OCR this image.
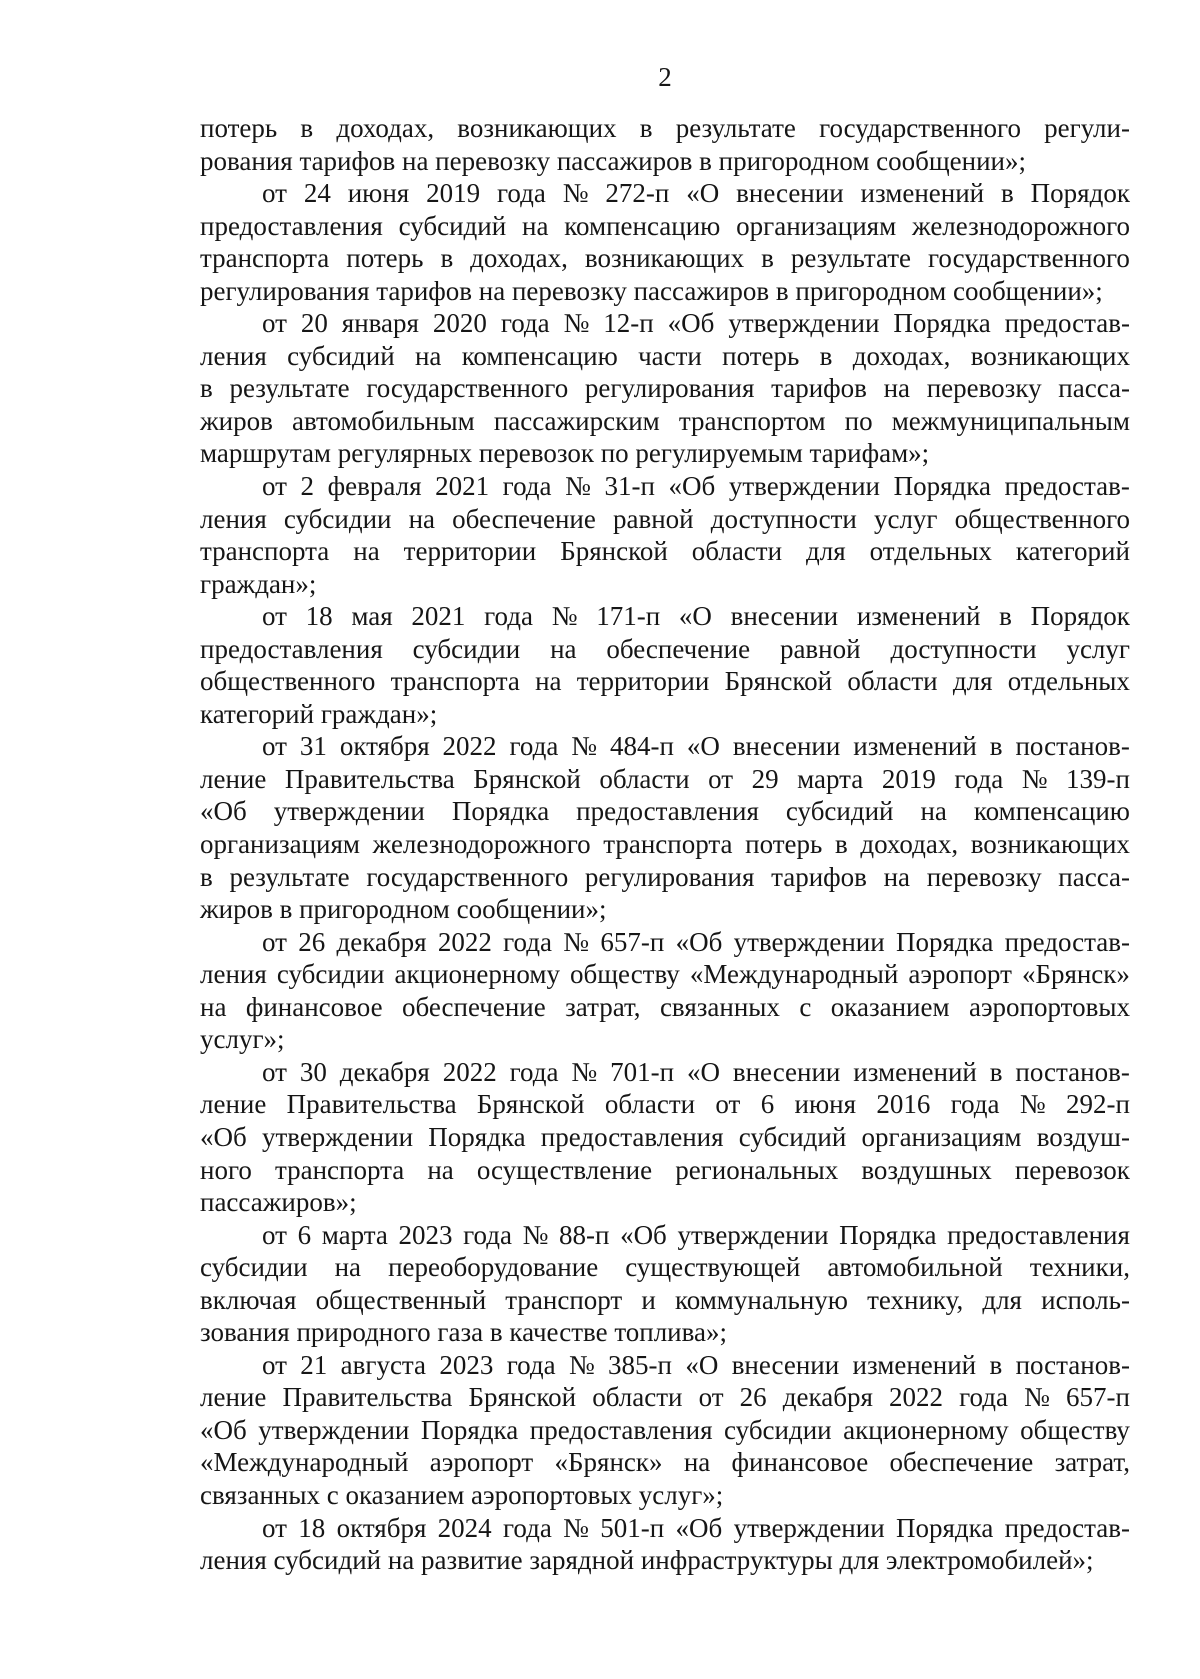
2
потерь в доходах, возникающих в результате государственного регули-
рования тарифов на перевозку пассажиров в пригородном сообщении»;
от 24 июня 2019 года № 272-п «О внесении изменений в Порядок
предоставления субсидий на компенсацию организациям железнодорожного
транспорта потерь в доходах, возникающих в результате государственного
регулирования тарифов на перевозку пассажиров в пригородном сообщении»;
от 20 января 2020 года № 12-п «Об утверждении Порядка предостав-
ления субсидий на компенсацию части потерь в доходах, возникающих
в результате государственного регулирования тарифов на перевозку пасса-
жиров автомобильным пассажирским транспортом по межмуниципальным
маршрутам регулярных перевозок по регулируемым тарифам»;
от 2 февраля 2021 года № 31-п «Об утверждении Порядка предостав-
ления субсидии на обеспечение равной доступности услуг общественного
транспорта на территории Брянской области для отдельных категорий
граждан»;
от 18 мая 2021 года № 171-п «О внесении изменений в Порядок
предоставления субсидии на обеспечение равной доступности услуг
общественного транспорта на территории Брянской области для отдельных
категорий граждан»;
от 31 октября 2022 года № 484-п «О внесении изменений в постанов-
ление Правительства Брянской области от 29 марта 2019 года № 139-п
«Об утверждении Порядка предоставления субсидий на компенсацию
организациям железнодорожного транспорта потерь в доходах, возникающих
в результате государственного регулирования тарифов на перевозку пасса-
жиров в пригородном сообщении»;
от 26 декабря 2022 года № 657-п «Об утверждении Порядка предостав-
ления субсидии акционерному обществу «Международный аэропорт «Брянск»
на финансовое обеспечение затрат, связанных с оказанием аэропортовых
услуг»;
от 30 декабря 2022 года № 701-п «О внесении изменений в постанов-
ление Правительства Брянской области от 6 июня 2016 года № 292-п
«Об утверждении Порядка предоставления субсидий организациям воздуш-
ного транспорта на осуществление региональных воздушных перевозок
пассажиров»;
от 6 марта 2023 года № 88-п «Об утверждении Порядка предоставления
субсидии на переоборудование существующей автомобильной техники,
включая общественный транспорт и коммунальную технику, для исполь-
зования природного газа в качестве топлива»;
от 21 августа 2023 года № 385-п «О внесении изменений в постанов-
ление Правительства Брянской области от 26 декабря 2022 года № 657-п
«Об утверждении Порядка предоставления субсидии акционерному обществу
«Международный аэропорт «Брянск» на финансовое обеспечение затрат,
связанных с оказанием аэропортовых услуг»;
от 18 октября 2024 года № 501-п «Об утверждении Порядка предостав-
ления субсидий на развитие зарядной инфраструктуры для электромобилей»;
